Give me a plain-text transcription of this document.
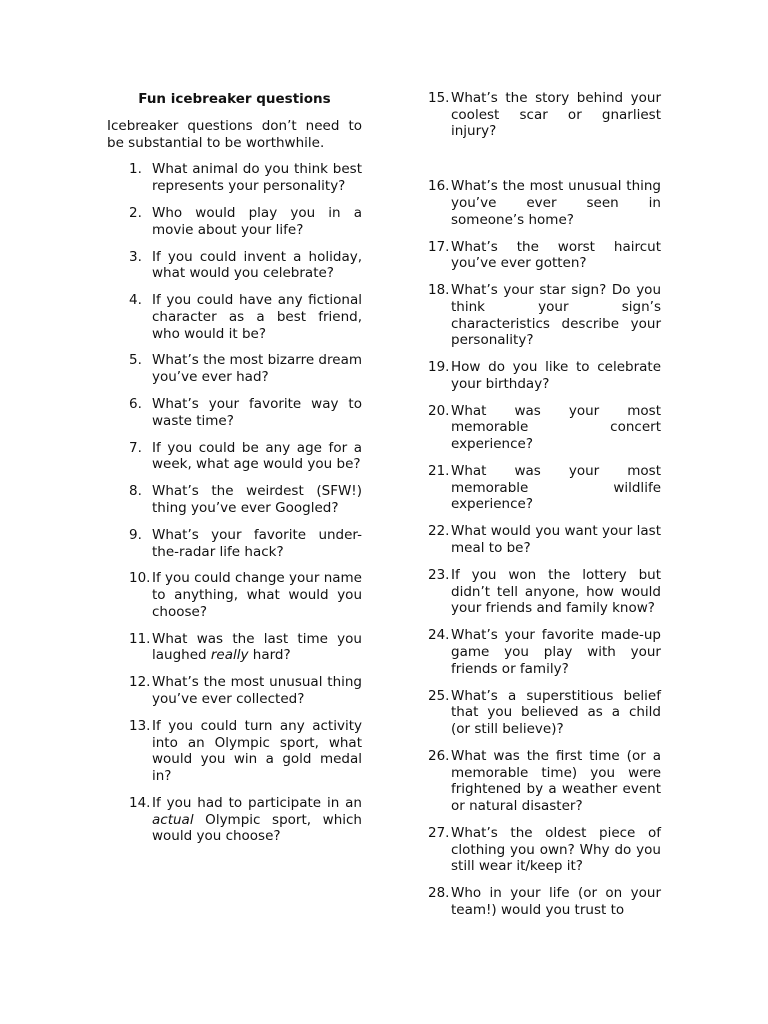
Fun icebreaker questions
Icebreaker questions don’t need to be substantial to be worthwhile.
1. What animal do you think best represents your personality?
2. Who would play you in a movie about your life?
3. If you could invent a holiday, what would you celebrate?
4. If you could have any fictional character as a best friend, who would it be?
5. What’s the most bizarre dream you’ve ever had?
6. What’s your favorite way to waste time?
7. If you could be any age for a week, what age would you be?
8. What’s the weirdest (SFW!) thing you’ve ever Googled?
9. What’s your favorite under-the-radar life hack?
10. If you could change your name to anything, what would you choose?
11. What was the last time you laughed really hard?
12. What’s the most unusual thing you’ve ever collected?
13. If you could turn any activity into an Olympic sport, what would you win a gold medal in?
14. If you had to participate in an actual Olympic sport, which would you choose?
15. What’s the story behind your coolest scar or gnarliest injury?
16. What’s the most unusual thing you’ve ever seen in someone’s home?
17. What’s the worst haircut you’ve ever gotten?
18. What’s your star sign? Do you think your sign’s characteristics describe your personality?
19. How do you like to celebrate your birthday?
20. What was your most memorable concert experience?
21. What was your most memorable wildlife experience?
22. What would you want your last meal to be?
23. If you won the lottery but didn’t tell anyone, how would your friends and family know?
24. What’s your favorite made-up game you play with your friends or family?
25. What’s a superstitious belief that you believed as a child (or still believe)?
26. What was the first time (or a memorable time) you were frightened by a weather event or natural disaster?
27. What’s the oldest piece of clothing you own? Why do you still wear it/keep it?
28. Who in your life (or on your team!) would you trust to
